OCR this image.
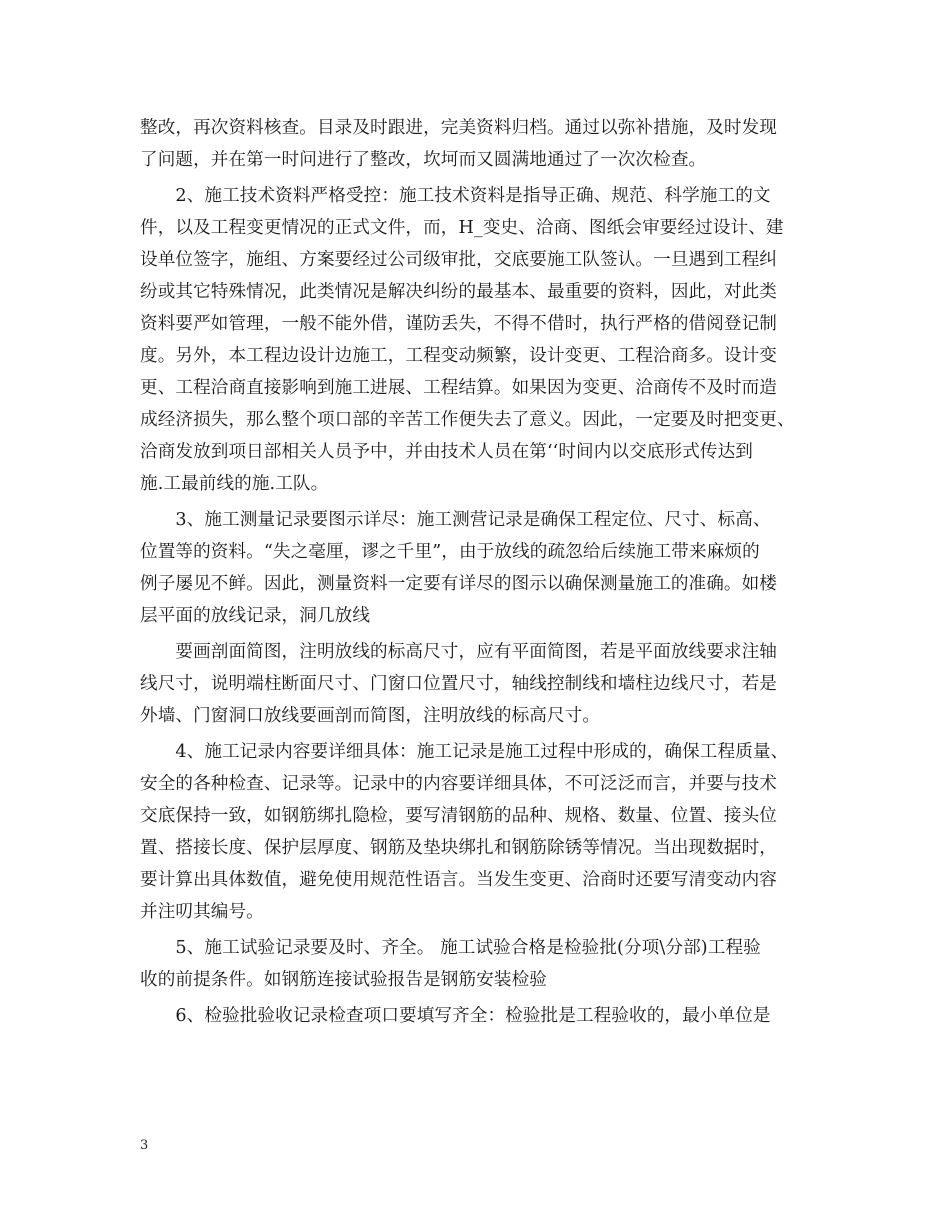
整改，再次资料核查。目录及时跟进，完美资料归档。通过以弥补措施，及时发现
了问题，并在第一时问进行了整改，坎坷而又圆满地通过了一次次检查。
　　2、施工技术资料严格受控：施工技术资料是指导正确、规范、科学施工的文
件，以及工程变更情况的正式文件，而，H_变史、洽商、图纸会审要经过设计、建
设单位签字，施组、方案要经过公司级审批，交底要施工队签认。一旦遇到工程纠
纷或其它特殊情况，此类情况是解决纠纷的最基本、最重要的资料，因此，对此类
资料要严如管理，一般不能外借，谨防丢失，不得不借时，执行严格的借阅登记制
度。另外，本工程边设计边施工，工程变动频繁，设计变更、工程洽商多。设计变
更、工程洽商直接影响到施工进展、工程结算。如果因为变更、洽商传不及时而造
成经济损失，那么整个项口部的辛苦工作便失去了意义。因此，一定要及时把变更、
洽商发放到项日部相关人员予中，并由技术人员在第‘‘时间内以交底形式传达到
施.工最前线的施.工队。
　　3、施工测量记录要图示详尽：施工测营记录是确保工程定位、尺寸、标高、
位置等的资料。“失之毫厘，谬之千里”，由于放线的疏忽给后续施工带来麻烦的
例子屡见不鲜。因此，测量资料一定要有详尽的图示以确保测量施工的准确。如楼
层平面的放线记录，洞几放线
　　要画剖面简图，注明放线的标高尺寸，应有平面简图，若是平面放线要求注轴
线尺寸，说明端柱断面尺寸、门窗口位置尺寸，轴线控制线和墙柱边线尺寸，若是
外墙、门窗洞口放线要画剖而简图，注明放线的标高尺寸。
　　4、施工记录内容要详细具体：施工记录是施工过程中形成的，确保工程质量、
安全的各种检查、记录等。记录中的内容要详细具体，不可泛泛而言，并要与技术
交底保持一致，如钢筋绑扎隐检，要写清钢筋的品种、规格、数量、位置、接头位
置、搭接长度、保护层厚度、钢筋及垫块绑扎和钢筋除锈等情况。当出现数据时，
要计算出具体数值，避免使用规范性语言。当发生变更、洽商时还要写清变动内容
并注叨其编号。
　　5、施工试验记录要及时、齐全。 施工试验合格是检验批(分项\分部)工程验
收的前提条件。如钢筋连接试验报告是钢筋安装检验
　　6、检验批验收记录检查项口要填写齐全：检验批是工程验收的，最小单位是
3
